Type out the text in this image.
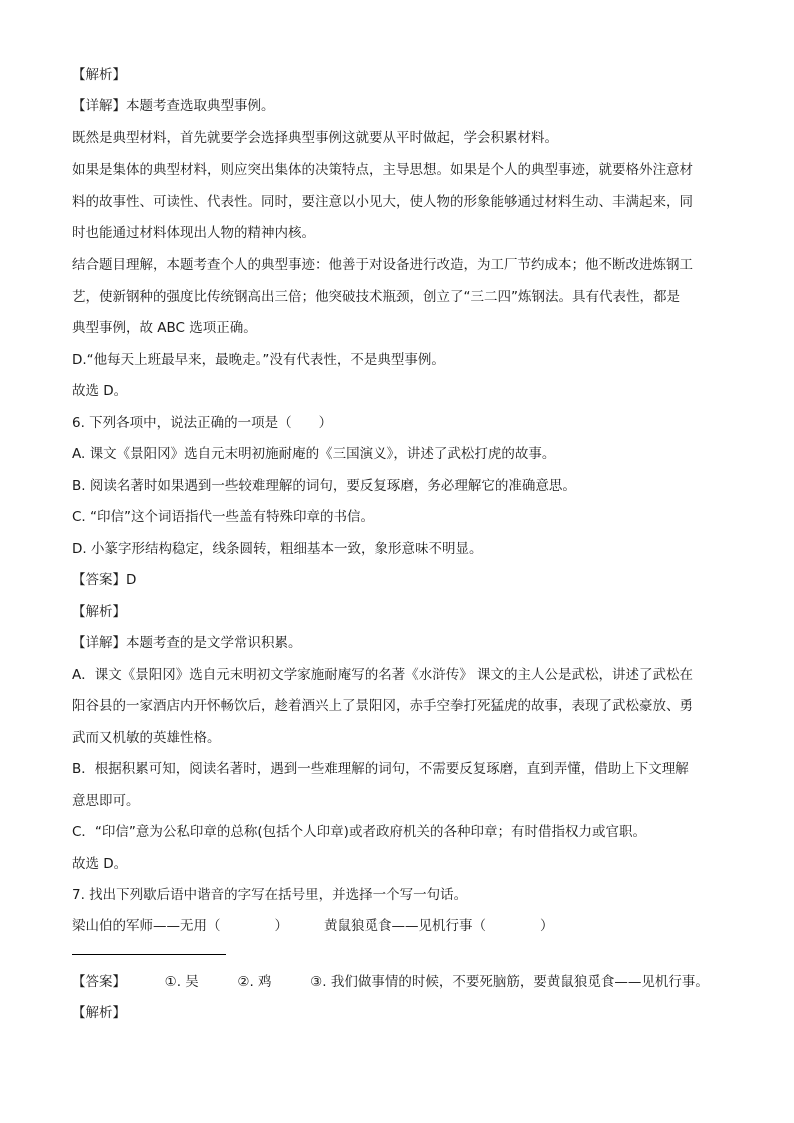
【解析】
【详解】本题考查选取典型事例。
既然是典型材料，首先就要学会选择典型事例这就要从平时做起，学会积累材料。
如果是集体的典型材料，则应突出集体的决策特点，主导思想。如果是个人的典型事迹，就要格外注意材
料的故事性、可读性、代表性。同时，要注意以小见大，使人物的形象能够通过材料生动、丰满起来，同
时也能通过材料体现出人物的精神内核。
结合题目理解，本题考查个人的典型事迹：他善于对设备进行改造，为工厂节约成本；他不断改进炼钢工
艺，使新钢种的强度比传统钢高出三倍；他突破技术瓶颈，创立了“三二四”炼钢法。具有代表性，都是
典型事例，故 ABC 选项正确。
D.“他每天上班最早来，最晚走。”没有代表性，不是典型事例。
故选 D。
6. 下列各项中，说法正确的一项是（　　）
A. 课文《景阳冈》选自元末明初施耐庵的《三国演义》，讲述了武松打虎的故事。
B. 阅读名著时如果遇到一些较难理解的词句，要反复琢磨，务必理解它的准确意思。
C. “印信”这个词语指代一些盖有特殊印章的书信。
D. 小篆字形结构稳定，线条圆转，粗细基本一致，象形意味不明显。
【答案】D
【解析】
【详解】本题考查的是文学常识积累。
A．课文《景阳冈》选自元末明初文学家施耐庵写的名著《水浒传》 课文的主人公是武松，讲述了武松在
阳谷县的一家酒店内开怀畅饮后，趁着酒兴上了景阳冈，赤手空拳打死猛虎的故事，表现了武松豪放、勇
武而又机敏的英雄性格。
B．根据积累可知，阅读名著时，遇到一些难理解的词句，不需要反复琢磨，直到弄懂，借助上下文理解
意思即可。
C．“印信”意为公私印章的总称(包括个人印章)或者政府机关的各种印章；有时借指权力或官职。
故选 D。
7. 找出下列歇后语中谐音的字写在括号里，并选择一个写一句话。
梁山伯的军师——无用（　　　　）	黄鼠狼觅食——见机行事（　　　　）
【答案】	①. 吴	②. 鸡	③. 我们做事情的时候，不要死脑筋，要黄鼠狼觅食——见机行事。
【解析】
